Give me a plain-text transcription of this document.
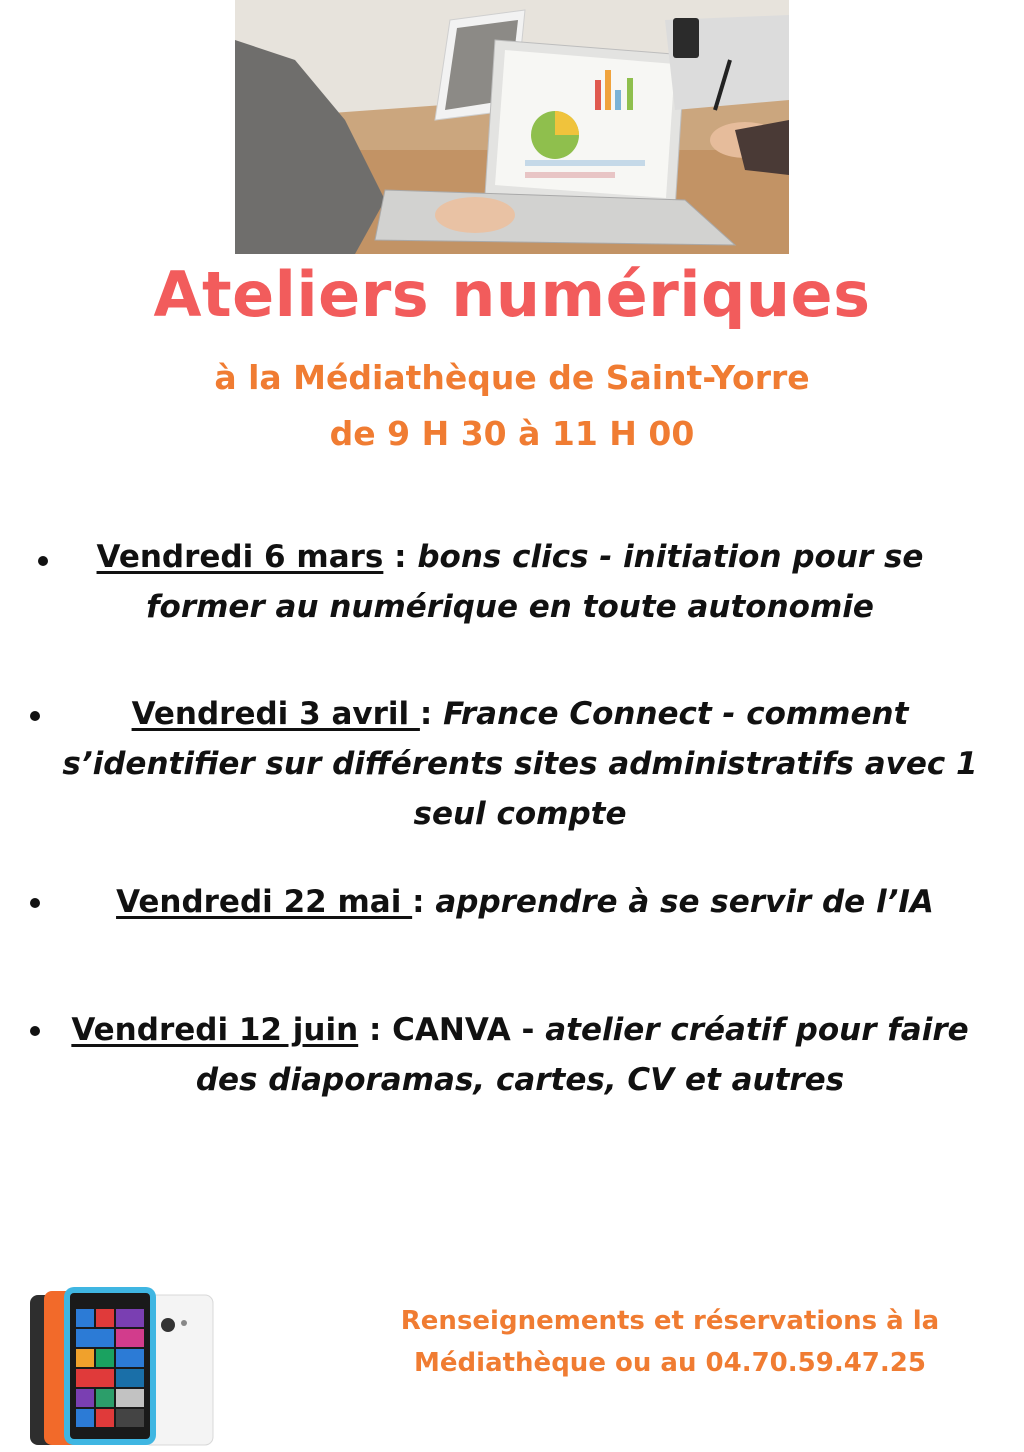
Ateliers numériques
à la Médiathèque de Saint-Yorre
de 9 H 30 à 11 H 00
Vendredi 6 mars : bons clics - initiation pour se former au numérique en toute autonomie
Vendredi 3 avril : France Connect - comment s’identifier sur différents sites administratifs avec 1 seul compte
Vendredi 22 mai : apprendre à se servir de l’IA
Vendredi 12 juin : CANVA - atelier créatif pour faire des diaporamas, cartes, CV et autres
Renseignements et réservations à la
Médiathèque ou au 04.70.59.47.25
